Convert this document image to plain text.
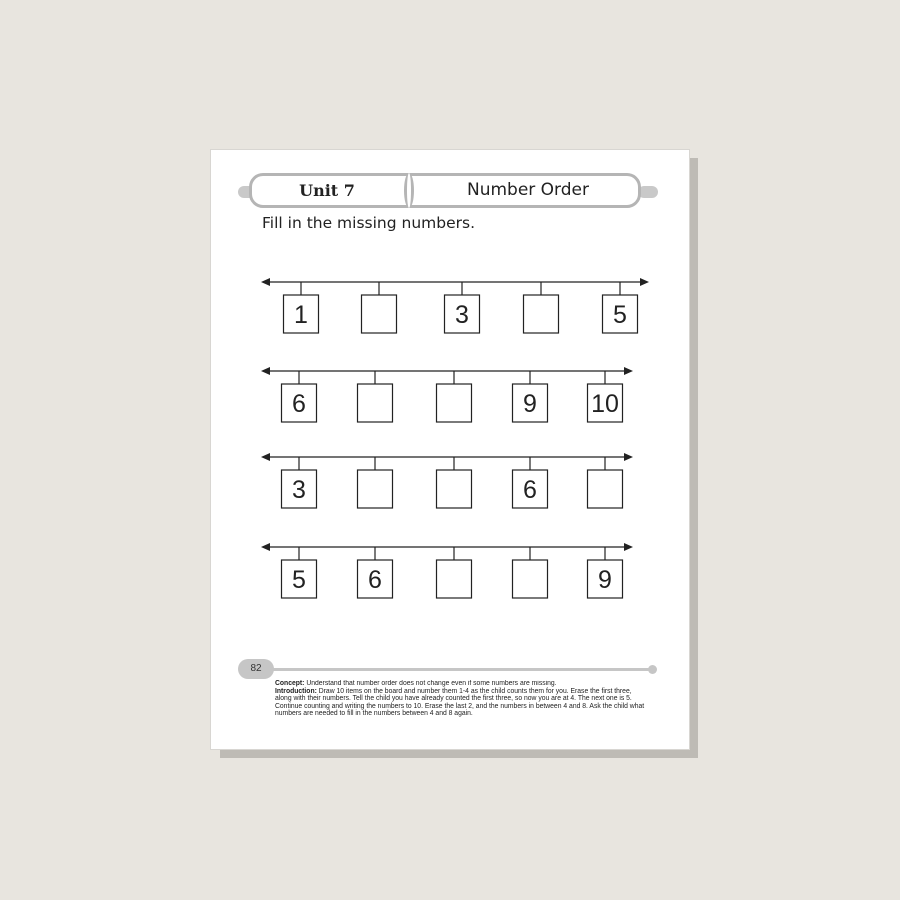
Unit 7	Number Order
Fill in the missing numbers.
1	3	5
6	9 10
3	6
5 6	9
82
Concept: Understand that number order does not change even if some numbers are missing.
Introduction: Draw 10 items on the board and number them 1-4 as the child counts them for you. Erase the first three, along with their numbers. Tell the child you have already counted the first three, so now you are at 4. The next one is 5. Continue counting and writing the numbers to 10. Erase the last 2, and the numbers in between 4 and 8. Ask the child what numbers are needed to fill in the numbers between 4 and 8 again.
